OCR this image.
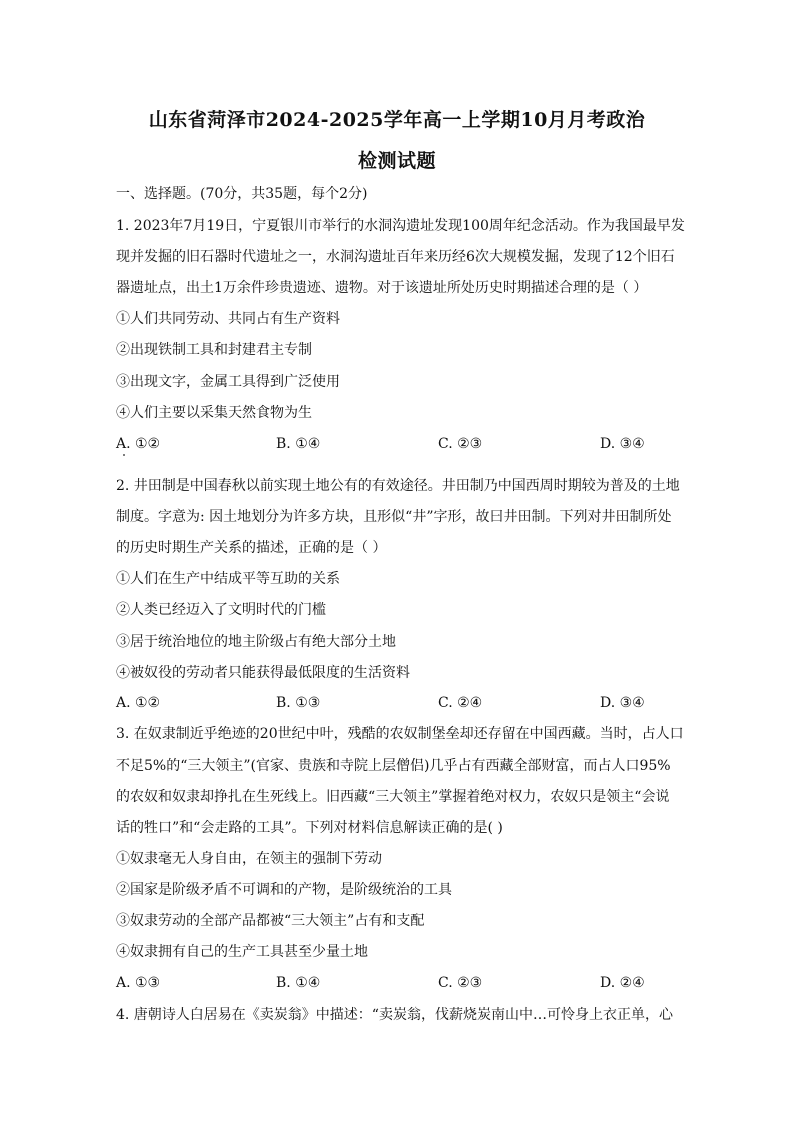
山东省菏泽市2024-2025学年高一上学期10月月考政治
检测试题
一、选择题。(70分，共35题，每个2分)
1. 2023年7月19日，宁夏银川市举行的水洞沟遗址发现100周年纪念活动。作为我国最早发
现并发掘的旧石器时代遗址之一，水洞沟遗址百年来历经6次大规模发掘，发现了12个旧石
器遗址点，出土1万余件珍贵遗迹、遗物。对于该遗址所处历史时期描述合理的是（ ）
①人们共同劳动、共同占有生产资料
②出现铁制工具和封建君主专制
③出现文字，金属工具得到广泛使用
④人们主要以采集天然食物为生
A. ①②	B. ①④	C. ②③	D. ③④
2. 井田制是中国春秋以前实现土地公有的有效途径。井田制乃中国西周时期较为普及的土地
制度。字意为: 因土地划分为许多方块，且形似“井”字形，故曰井田制。下列对井田制所处
的历史时期生产关系的描述，正确的是（ ）
①人们在生产中结成平等互助的关系
②人类已经迈入了文明时代的门槛
③居于统治地位的地主阶级占有绝大部分土地
④被奴役的劳动者只能获得最低限度的生活资料
A. ①②	B. ①③	C. ②④	D. ③④
3. 在奴隶制近乎绝迹的20世纪中叶，残酷的农奴制堡垒却还存留在中国西藏。当时，占人口
不足5%的“三大领主”(官家、贵族和寺院上层僧侣)几乎占有西藏全部财富，而占人口95%
的农奴和奴隶却挣扎在生死线上。旧西藏“三大领主”掌握着绝对权力，农奴只是领主“会说
话的牲口”和“会走路的工具”。下列对材料信息解读正确的是( )
①奴隶毫无人身自由，在领主的强制下劳动
②国家是阶级矛盾不可调和的产物，是阶级统治的工具
③奴隶劳动的全部产品都被“三大领主”占有和支配
④奴隶拥有自己的生产工具甚至少量土地
A. ①③	B. ①④	C. ②③	D. ②④
4. 唐朝诗人白居易在《卖炭翁》中描述：“卖炭翁，伐薪烧炭南山中…可怜身上衣正单，心
